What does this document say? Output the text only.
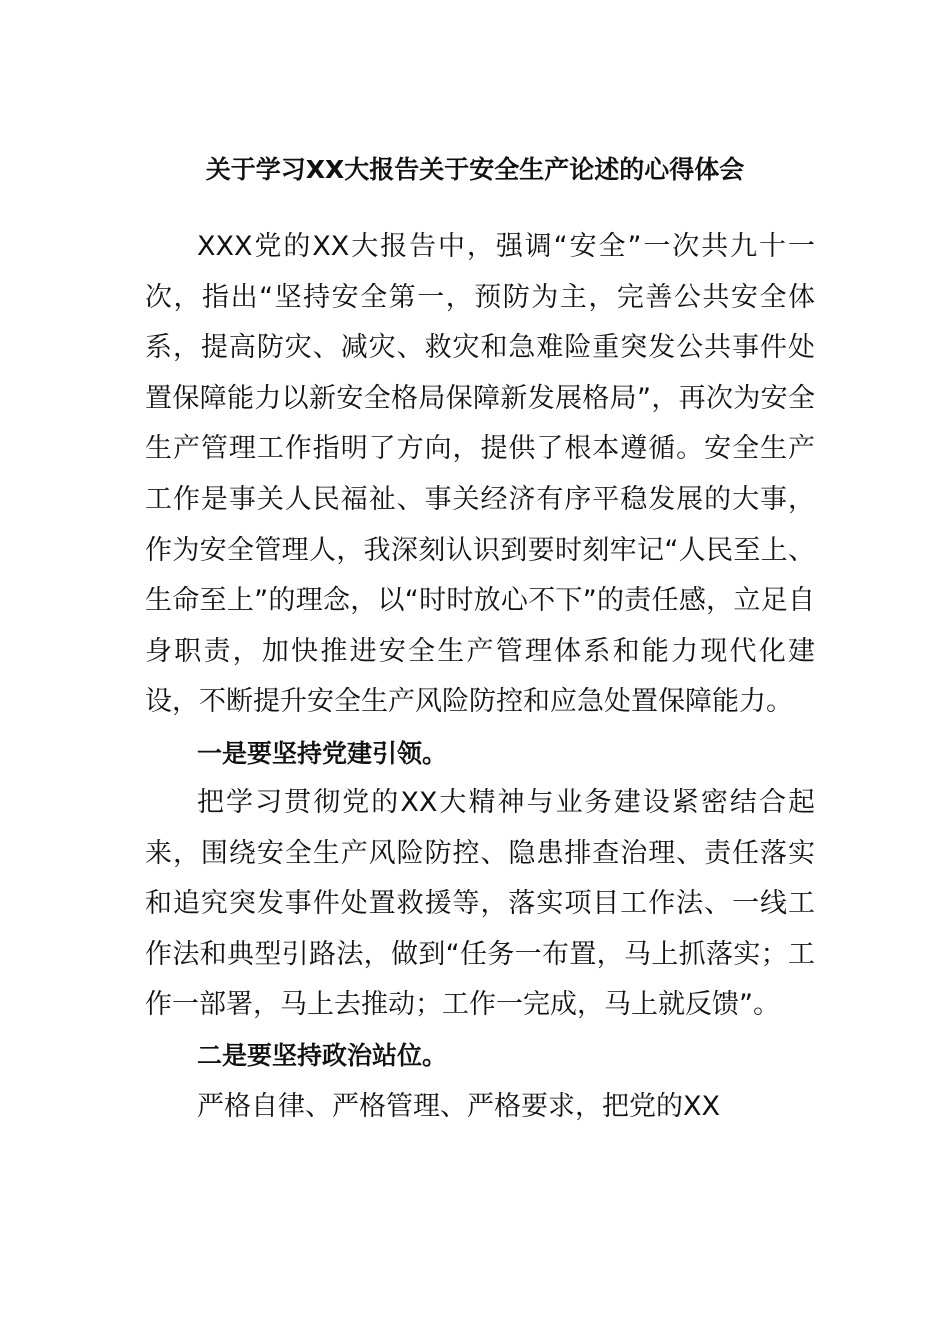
关于学习XX大报告关于安全生产论述的心得体会

XXX党的XX大报告中，强调“安全”一次共九十一次，指出“坚持安全第一，预防为主，完善公共安全体系，提高防灾、减灾、救灾和急难险重突发公共事件处置保障能力以新安全格局保障新发展格局”，再次为安全生产管理工作指明了方向，提供了根本遵循。安全生产工作是事关人民福祉、事关经济有序平稳发展的大事，作为安全管理人，我深刻认识到要时刻牢记“人民至上、生命至上”的理念，以“时时放心不下”的责任感，立足自身职责，加快推进安全生产管理体系和能力现代化建设，不断提升安全生产风险防控和应急处置保障能力。

一是要坚持党建引领。

把学习贯彻党的XX大精神与业务建设紧密结合起来，围绕安全生产风险防控、隐患排查治理、责任落实和追究突发事件处置救援等，落实项目工作法、一线工作法和典型引路法，做到“任务一布置，马上抓落实；工作一部署，马上去推动；工作一完成，马上就反馈”。

二是要坚持政治站位。

严格自律、严格管理、严格要求，把党的XX
